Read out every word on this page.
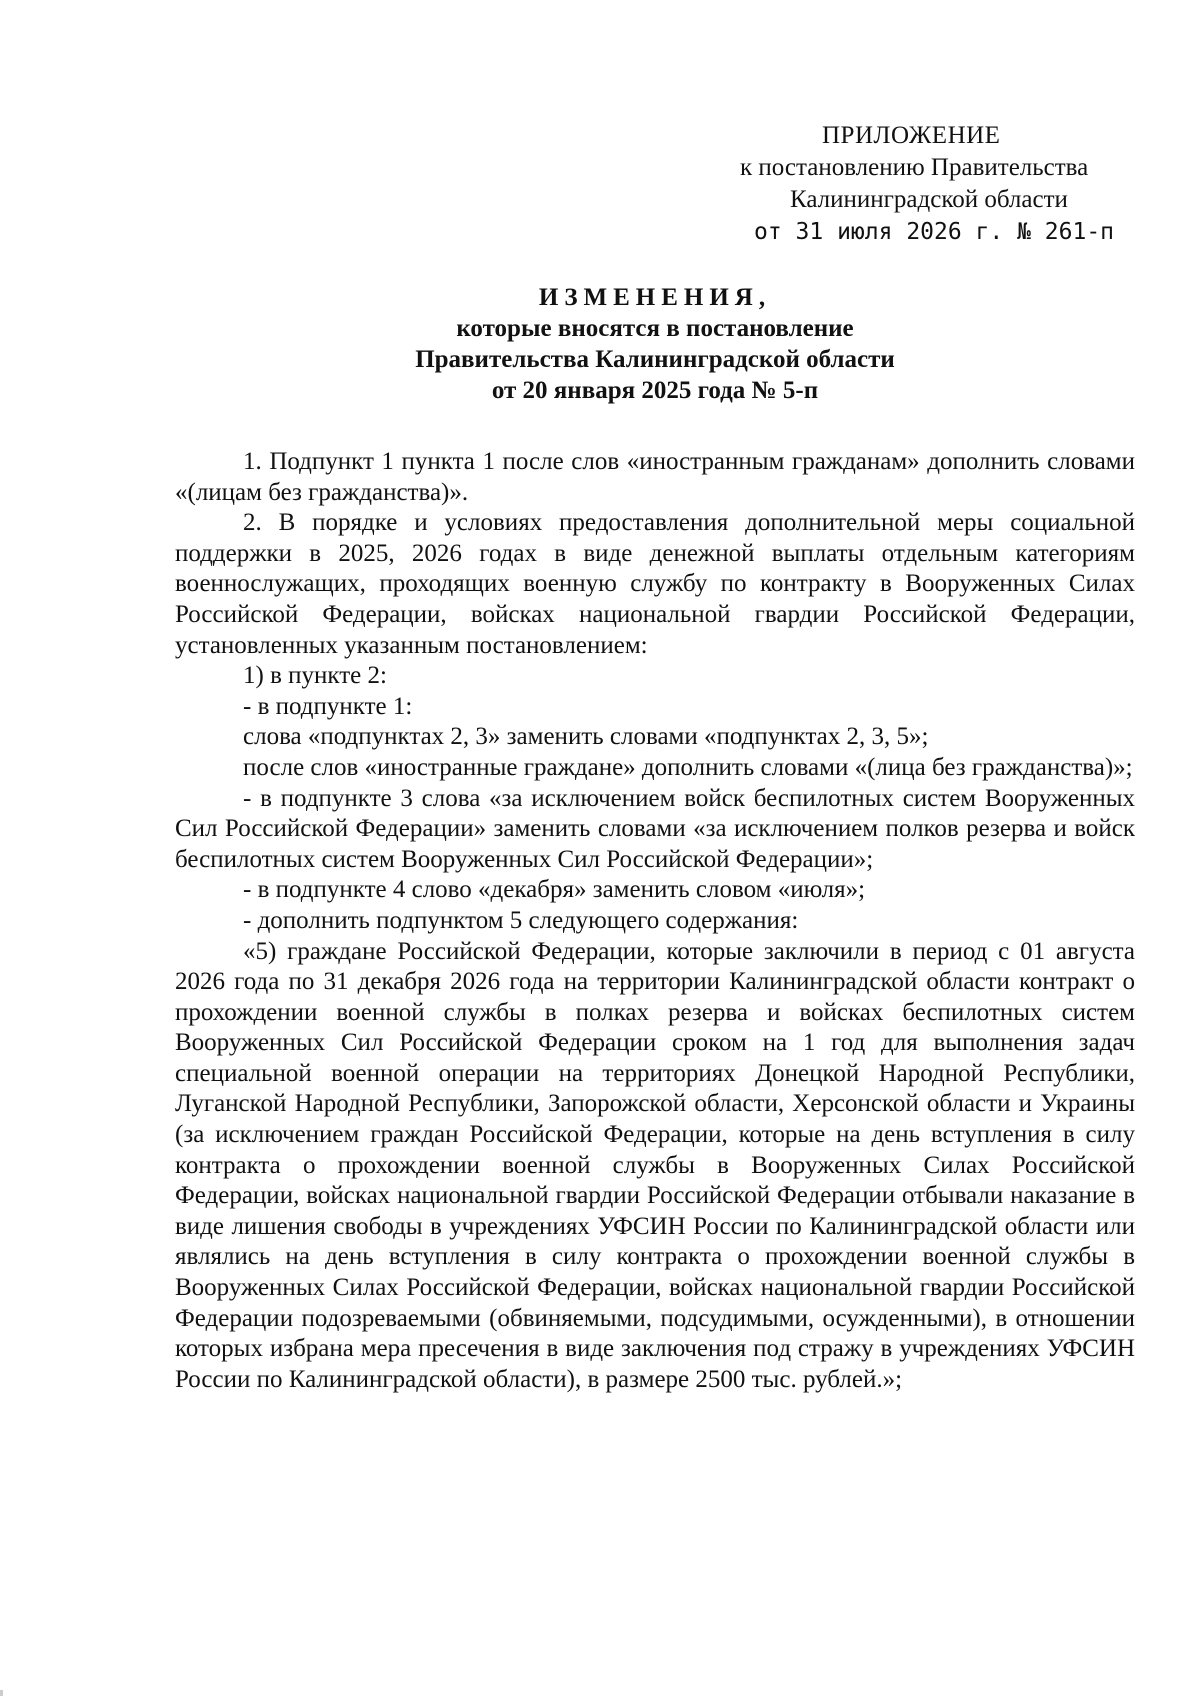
ПРИЛОЖЕНИЕ
к постановлению Правительства
Калининградской области
от 31 июля 2026 г. № 261-п
ИЗМЕНЕНИЯ,
которые вносятся в постановление
Правительства Калининградской области
от 20 января 2025 года № 5-п

1. Подпункт 1 пункта 1 после слов «иностранным гражданам» дополнить словами «(лицам без гражданства)».

2. В порядке и условиях предоставления дополнительной меры социальной поддержки в 2025, 2026 годах в виде денежной выплаты отдельным категориям военнослужащих, проходящих военную службу по контракту в Вооруженных Силах Российской Федерации, войсках национальной гвардии Российской Федерации, установленных указанным постановлением:

1) в пункте 2:

- в подпункте 1:

слова «подпунктах 2, 3» заменить словами «подпунктах 2, 3, 5»;

после слов «иностранные граждане» дополнить словами «(лица без гражданства)»;

- в подпункте 3 слова «за исключением войск беспилотных систем Вооруженных Сил Российской Федерации» заменить словами «за исключением полков резерва и войск беспилотных систем Вооруженных Сил Российской Федерации»;

- в подпункте 4 слово «декабря» заменить словом «июля»;

- дополнить подпунктом 5 следующего содержания:

«5) граждане Российской Федерации, которые заключили в период с 01 августа 2026 года по 31 декабря 2026 года на территории Калининградской области контракт о прохождении военной службы в полках резерва и войсках беспилотных систем Вооруженных Сил Российской Федерации сроком на 1 год для выполнения задач специальной военной операции на территориях Донецкой Народной Республики, Луганской Народной Республики, Запорожской области, Херсонской области и Украины (за исключением граждан Российской Федерации, которые на день вступления в силу контракта о прохождении военной службы в Вооруженных Силах Российской Федерации, войсках национальной гвардии Российской Федерации отбывали наказание в виде лишения свободы в учреждениях УФСИН России по Калининградской области или являлись на день вступления в силу контракта о прохождении военной службы в Вооруженных Силах Российской Федерации, войсках национальной гвардии Российской Федерации подозреваемыми (обвиняемыми, подсудимыми, осужденными), в отношении которых избрана мера пресечения в виде заключения под стражу в учреждениях УФСИН России по Калининградской области), в размере 2500 тыс. рублей.»;
